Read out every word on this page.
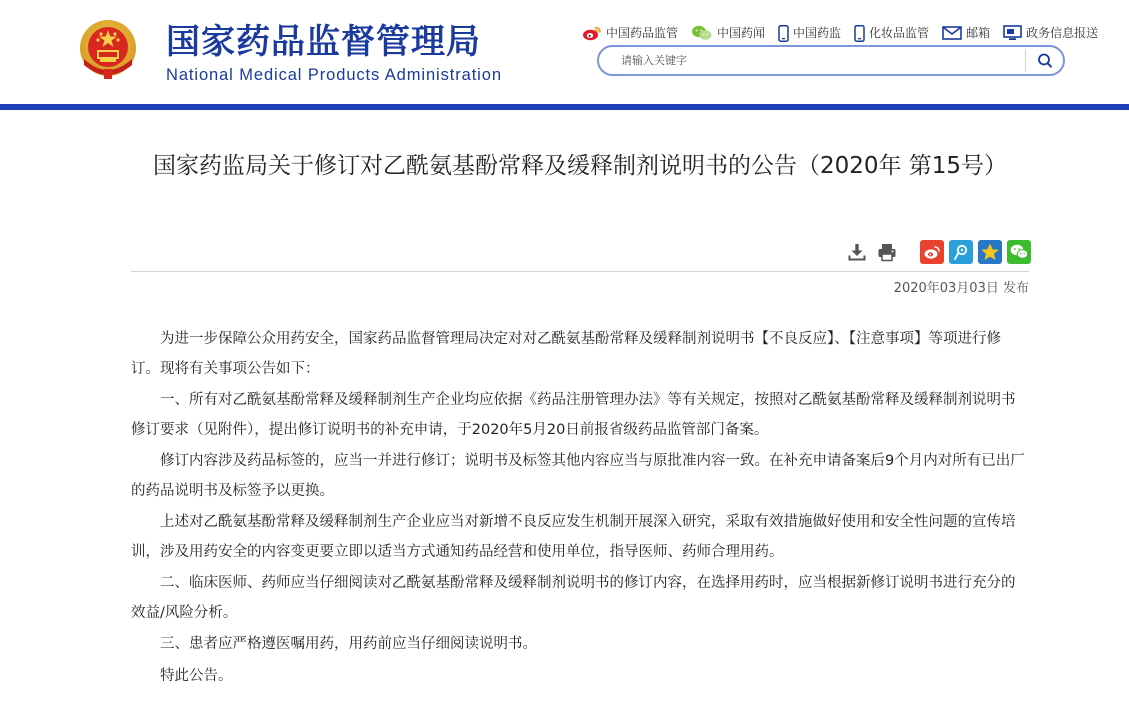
国家药品监督管理局
National Medical Products Administration
中国药品监管	中国药闻 中国药监 化妆品监管	邮箱	政务信息报送
请输入关键字
国家药监局关于修订对乙酰氨基酚常释及缓释制剂说明书的公告（2020年 第15号）
2020年03月03日 发布

为进一步保障公众用药安全，国家药品监督管理局决定对对乙酰氨基酚常释及缓释制剂说明书【不良反应】、【注意事项】等项进行修订。现将有关事项公告如下：

一、所有对乙酰氨基酚常释及缓释制剂生产企业均应依据《药品注册管理办法》等有关规定，按照对乙酰氨基酚常释及缓释制剂说明书修订要求（见附件），提出修订说明书的补充申请，于2020年5月20日前报省级药品监管部门备案。

修订内容涉及药品标签的，应当一并进行修订；说明书及标签其他内容应当与原批准内容一致。在补充申请备案后9个月内对所有已出厂的药品说明书及标签予以更换。

上述对乙酰氨基酚常释及缓释制剂生产企业应当对新增不良反应发生机制开展深入研究，采取有效措施做好使用和安全性问题的宣传培训，涉及用药安全的内容变更要立即以适当方式通知药品经营和使用单位，指导医师、药师合理用药。

二、临床医师、药师应当仔细阅读对乙酰氨基酚常释及缓释制剂说明书的修订内容，在选择用药时，应当根据新修订说明书进行充分的效益/风险分析。

三、患者应严格遵医嘱用药，用药前应当仔细阅读说明书。

特此公告。
